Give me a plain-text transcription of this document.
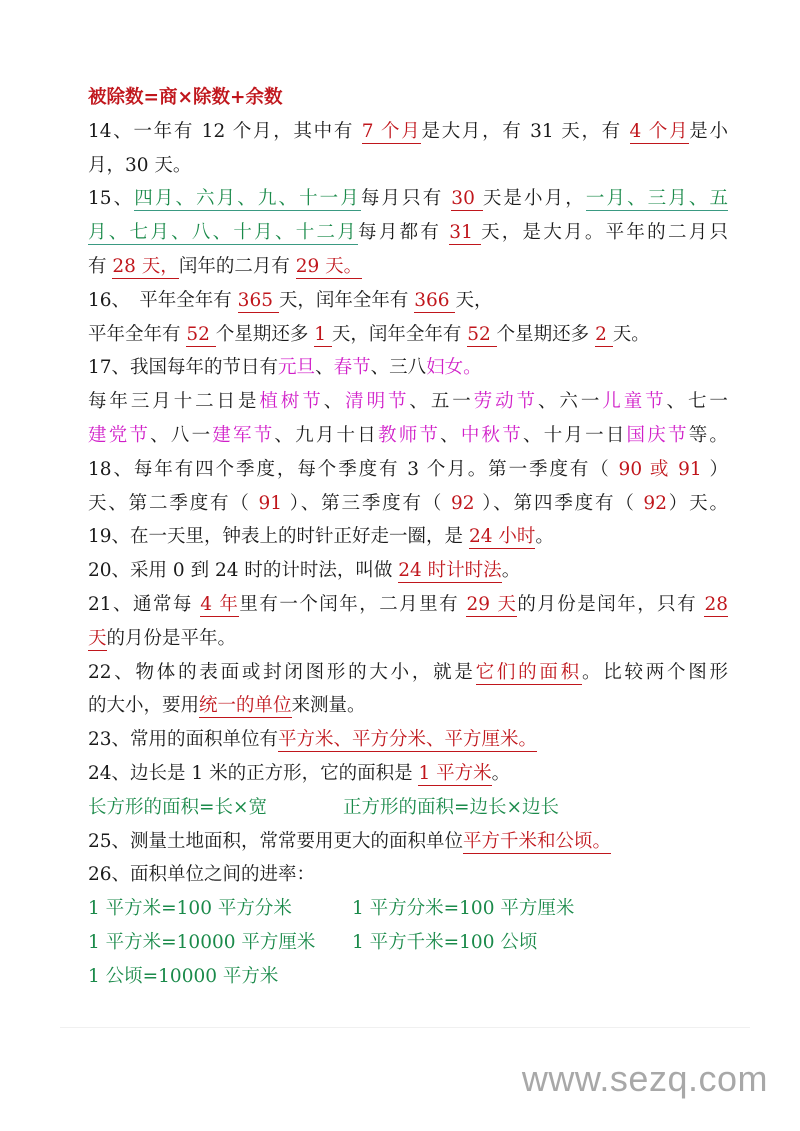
被除数=商×除数+余数
14、一年有 12 个月，其中有 7 个月是大月，有 31 天，有 4 个月是小
月，30 天。
15、四月、六月、九、十一月每月只有 30 天是小月，一月、三月、五
月、七月、八、十月、十二月每月都有 31 天，是大月。平年的二月只
有 28 天，闰年的二月有 29 天。
16、　平年全年有 365 天，闰年全年有 366 天，
平年全年有 52 个星期还多 1 天，闰年全年有 52 个星期还多 2 天。
17、我国每年的节日有元旦、春节、三八妇女。
每年三月十二日是植树节、清明节、五一劳动节、六一儿童节、七一
建党节、八一建军节、九月十日教师节、中秋节、十月一日国庆节等。
18、每年有四个季度，每个季度有 3 个月。第一季度有（ 90 或 91 ）
天、第二季度有（ 91 ）、第三季度有（ 92 ）、第四季度有（ 92）天。
19、在一天里，钟表上的时针正好走一圈，是 24 小时。
20、采用 0 到 24 时的计时法，叫做 24 时计时法。
21、通常每 4 年里有一个闰年，二月里有 29 天的月份是闰年，只有 28
天的月份是平年。
22、物体的表面或封闭图形的大小，就是它们的面积。比较两个图形
的大小，要用统一的单位来测量。
23、常用的面积单位有平方米、平方分米、平方厘米。
24、边长是 1 米的正方形，它的面积是 1 平方米。
长方形的面积=长×宽	正方形的面积=边长×边长
25、测量土地面积，常常要用更大的面积单位平方千米和公顷。
26、面积单位之间的进率：
1 平方米=100 平方分米	1 平方分米=100 平方厘米
1 平方米=10000 平方厘米 1 平方千米=100 公顷
1 公顷=10000 平方米
www.sezq.com
